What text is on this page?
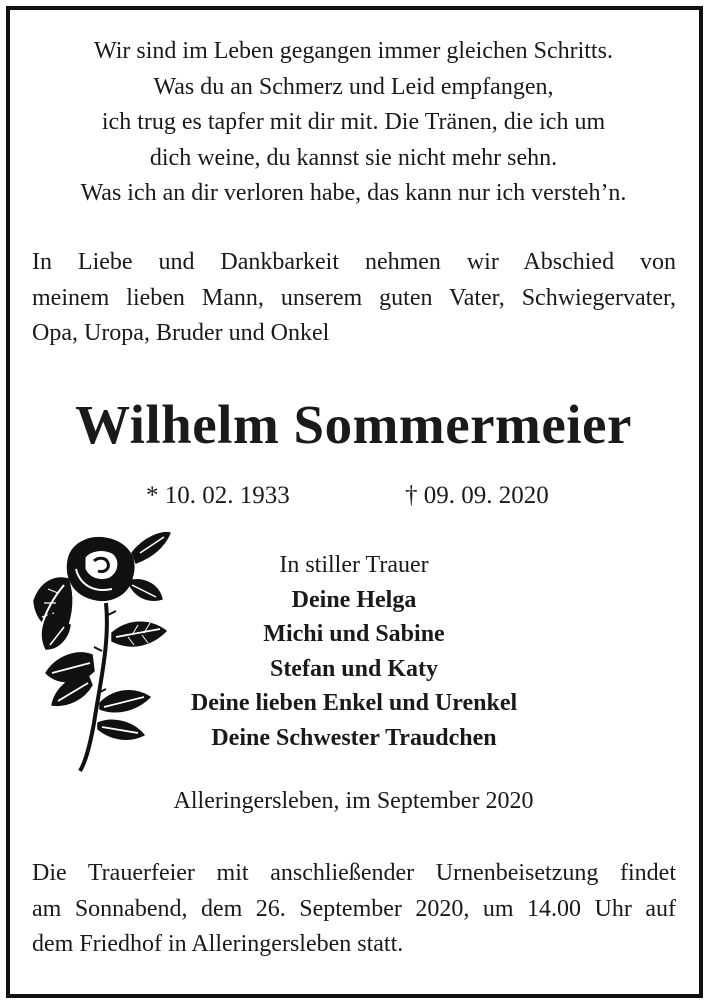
Wir sind im Leben gegangen immer gleichen Schritts.
Was du an Schmerz und Leid empfangen,
ich trug es tapfer mit dir mit. Die Tränen, die ich um
dich weine, du kannst sie nicht mehr sehn.
Was ich an dir verloren habe, das kann nur ich versteh’n.
In Liebe und Dankbarkeit nehmen wir Abschied von
meinem lieben Mann, unserem guten Vater, Schwiegervater,
Opa, Uropa, Bruder und Onkel
Wilhelm Sommermeier
* 10. 02. 1933	† 09. 09. 2020
In stiller Trauer
Deine Helga
Michi und Sabine
Stefan und Katy
Deine lieben Enkel und Urenkel
Deine Schwester Traudchen
Alleringersleben, im September 2020
Die Trauerfeier mit anschließender Urnenbeisetzung findet
am Sonnabend, dem 26. September 2020, um 14.00 Uhr auf
dem Friedhof in Alleringersleben statt.
